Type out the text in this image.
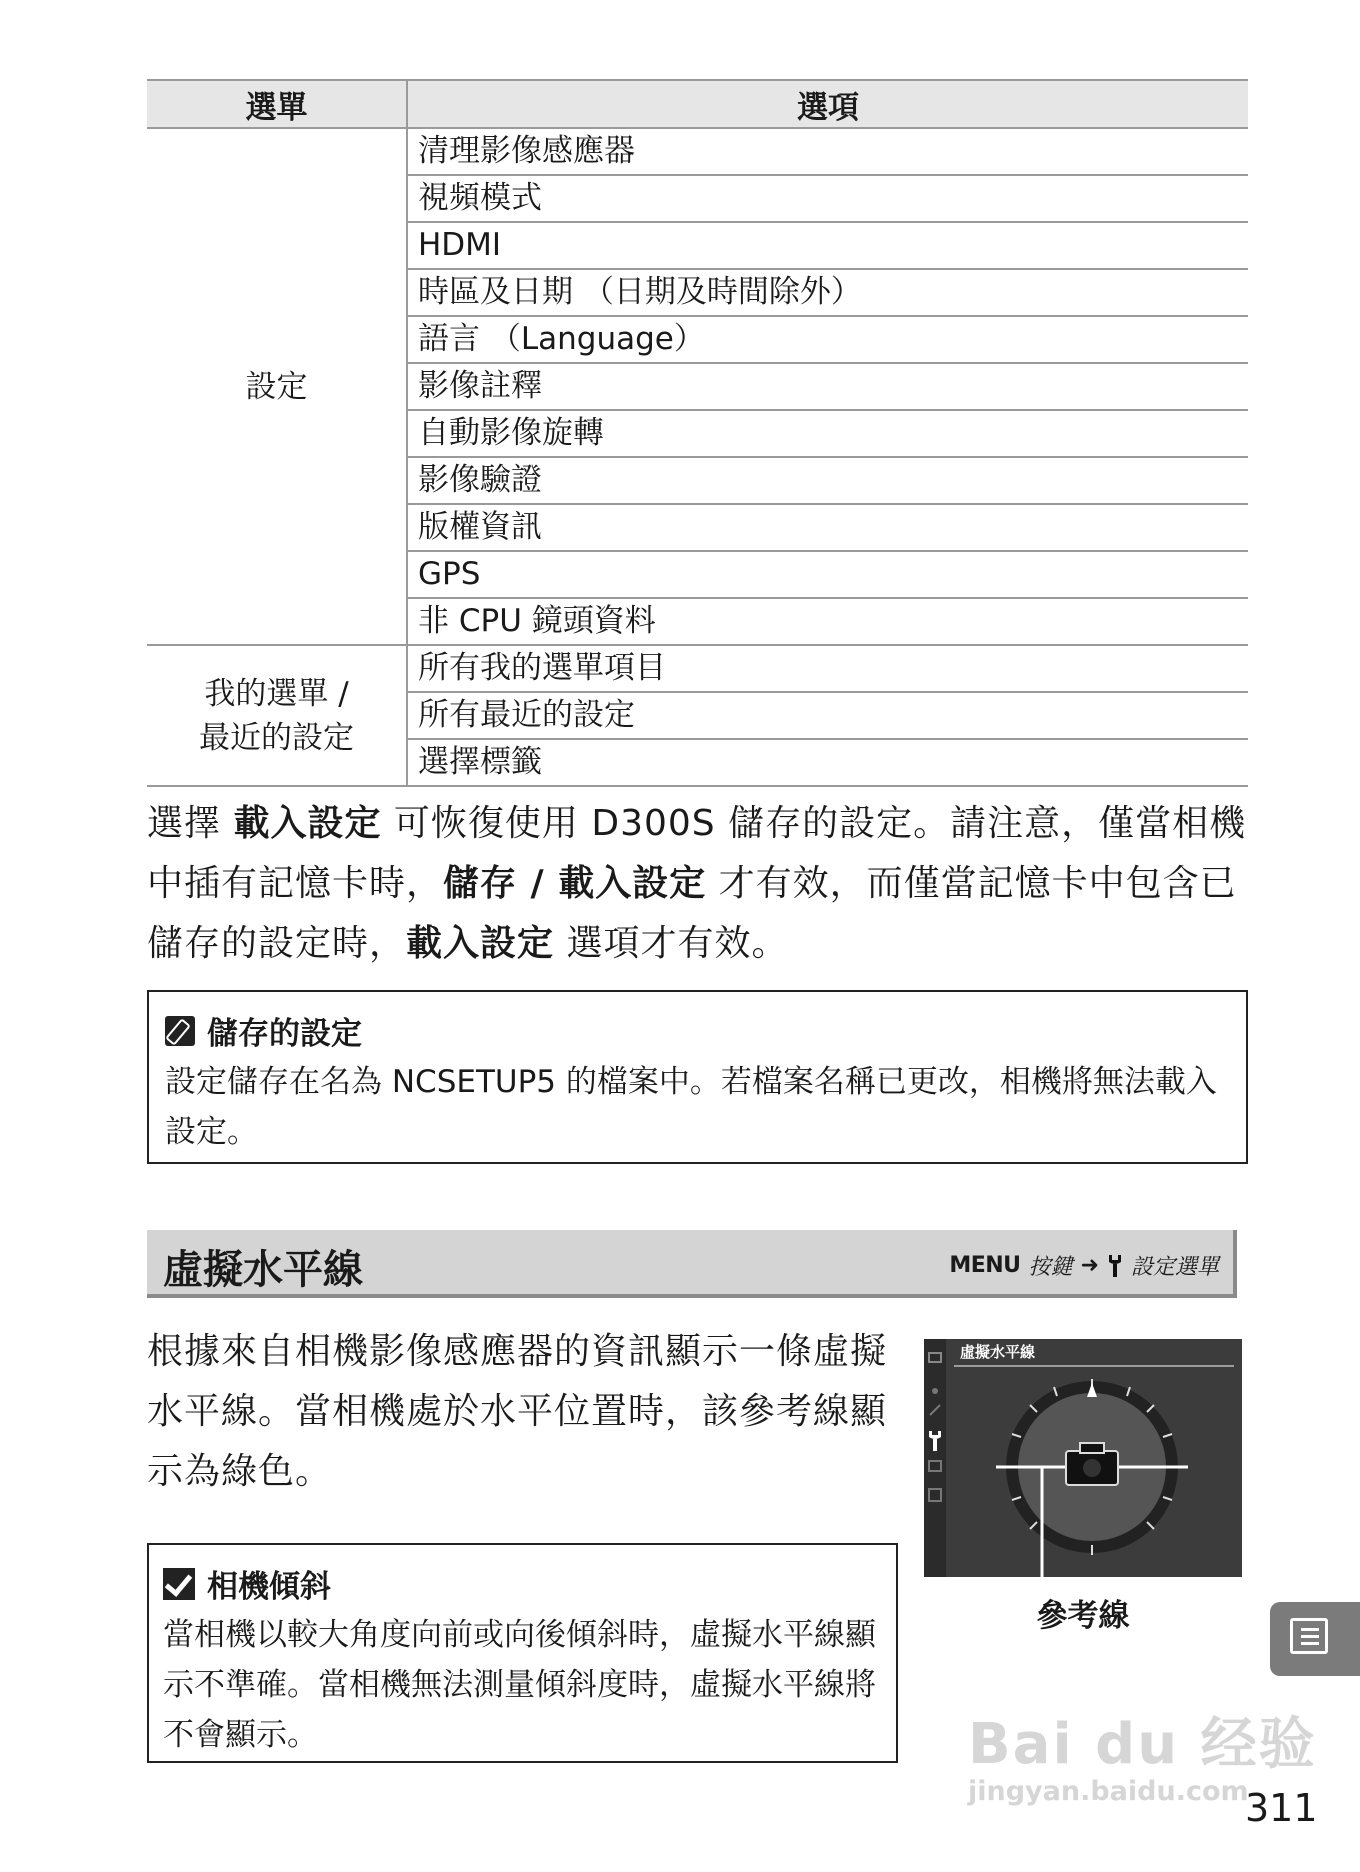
選單	選項
設定	清理影像感應器
	視頻模式
	HDMI
	時區及日期 （日期及時間除外）
	語言 （Language）
	影像註釋
	自動影像旋轉
	影像驗證
	版權資訊
	GPS
	非 CPU 鏡頭資料

我的選單 /
最近的設定	所有我的選單項目
	所有最近的設定
	選擇標籤
選擇 載入設定 可恢復使用 D300S 儲存的設定。請注意，僅當相機中插有記憶卡時，儲存 / 載入設定 才有效，而僅當記憶卡中包含已儲存的設定時，載入設定 選項才有效。
儲存的設定
設定儲存在名為 NCSETUP5 的檔案中。若檔案名稱已更改，相機將無法載入設定。
虛擬水平線	MENU 按鍵 ➜ 設定選單
根據來自相機影像感應器的資訊顯示一條虛擬水平線。當相機處於水平位置時，該參考線顯示為綠色。
虛擬水平線
參考線
相機傾斜
當相機以較大角度向前或向後傾斜時，虛擬水平線顯示不準確。當相機無法測量傾斜度時，虛擬水平線將不會顯示。	Bai du 经验
jingyan.baidu.com
311
